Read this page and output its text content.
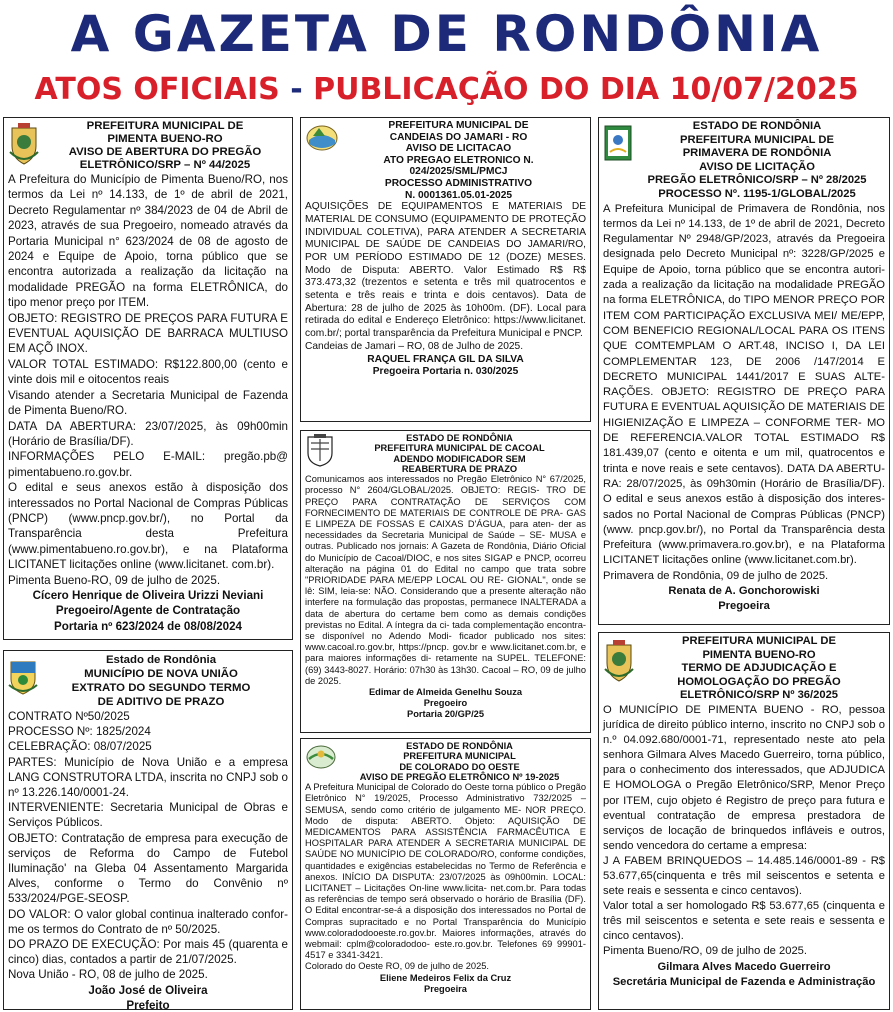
A GAZETA DE RONDÔNIA
ATOS OFICIAIS - PUBLICAÇÃO DO DIA 10/07/2025
PREFEITURA MUNICIPAL DE
PIMENTA BUENO-RO
AVISO DE ABERTURA DO PREGÃO
ELETRÔNICO/SRP – Nº 44/2025

A Prefeitura do Município de Pimenta Bueno/RO, nos termos da Lei nº 14.133, de 1º de abril de 2021, Decreto Regulamentar nº 384/2023 de 04 de Abril de 2023, através de sua Pregoeiro, nomeado através da Portaria Municipal n° 623/2024 de 08 de agosto de 2024 e Equipe de Apoio, torna público que se encontra autorizada a realização da licitação na modalidade PREGÃO na forma ELETRÔNICA, do tipo menor preço por ITEM.

OBJETO: REGISTRO DE PREÇOS PARA FUTURA E EVENTUAL AQUISIÇÃO DE BARRACA MULTIUSO EM AÇÕ INOX.

VALOR TOTAL ESTIMADO: R$122.800,00 (cento e vinte dois mil e oitocentos reais

Visando atender a Secretaria Municipal de Fazenda de Pimenta Bueno/RO.

DATA DA ABERTURA: 23/07/2025, às 09h00min (Horário de Brasília/DF).

INFORMAÇÕES PELO E-MAIL: pregão.pb@ pimentabueno.ro.gov.br.

O edital e seus anexos estão à disposição dos interessados no Portal Nacional de Compras Públicas (PNCP) (www.pncp.gov.br/), no Portal da Transparência desta Prefeitura (www.pimentabueno.ro.gov.br), e na Plataforma LICITANET licitações online (www.licitanet. com.br).

Pimenta Bueno-RO, 09 de julho de 2025.

Cícero Henrique de Oliveira Urizzi Neviani
Pregoeiro/Agente de Contratação
Portaria nº 623/2024 de 08/08/2024
Estado de Rondônia
MUNICÍPIO DE NOVA UNIÃO
EXTRATO DO SEGUNDO TERMO
DE ADITIVO DE PRAZO

CONTRATO Nº50/2025

PROCESSO Nº: 1825/2024

CELEBRAÇÃO: 08/07/2025

PARTES: Município de Nova União e a empresa LANG CONSTRUTORA LTDA, inscrita no CNPJ sob o nº 13.226.140/0001-24.

INTERVENIENTE: Secretaria Municipal de Obras e Serviços Públicos.

OBJETO: Contratação de empresa para execução de serviços de Reforma do Campo de Futebol Iluminação' na Gleba 04 Assentamento Margarida Alves, conforme o Termo do Convênio nº 533/2024/PGE-SEOSP.

DO VALOR: O valor global continua inalterado confor- me os termos do Contrato de nº 50/2025.

DO PRAZO DE EXECUÇÃO: Por mais 45 (quarenta e cinco) dias, contados a partir de 21/07/2025.

Nova União - RO, 08 de julho de 2025.

João José de Oliveira
Prefeito
PREFEITURA MUNICIPAL DE
CANDEIAS DO JAMARI - RO
AVISO DE LICITACAO
ATO PREGAO ELETRONICO N.
024/2025/SML/PMCJ
PROCESSO ADMINISTRATIVO
N. 0001361.05.01-2025

AQUISIÇÕES DE EQUIPAMENTOS E MATERIAIS DE MATERIAL DE CONSUMO (EQUIPAMENTO DE PROTEÇÃO INDIVIDUAL COLETIVA), PARA ATENDER A SECRETARIA MUNICIPAL DE SAÚDE DE CANDEIAS DO JAMARI/RO, POR UM PERÍODO ESTIMADO DE 12 (DOZE) MESES. Modo de Disputa: ABERTO. Valor Estimado R$ R$ 373.473,32 (trezentos e setenta e três mil quatrocentos e setenta e três reais e trinta e dois centavos). Data de Abertura: 28 de julho de 2025 às 10h00m. (DF). Local para retirada do edital e Endereço Eletrônico: https://www.licitanet. com.br/; portal transparência da Prefeitura Municipal e PNCP.

Candeias de Jamari – RO, 08 de Julho de 2025.

RAQUEL FRANÇA GIL DA SILVA
Pregoeira Portaria n. 030/2025
ESTADO DE RONDÔNIA
PREFEITURA MUNICIPAL DE CACOAL
ADENDO MODIFICADOR SEM
REABERTURA DE PRAZO

Comunicamos aos interessados no Pregão Eletrônico N° 67/2025, processo N° 2604/GLOBAL/2025. OBJETO: REGIS- TRO DE PREÇO PARA CONTRATAÇÃO DE SERVIÇOS COM FORNECIMENTO DE MATERIAIS DE CONTROLE DE PRA- GAS E LIMPEZA DE FOSSAS E CAIXAS D'ÁGUA, para aten- der as necessidades da Secretaria Municipal de Saúde – SE- MUSA e outras. Publicado nos jornais: A Gazeta de Rondônia, Diário Oficial do Município de Cacoal/DIOC, e nos sites SIGAP e PNCP, ocorreu alteração na página 01 do Edital no campo que trata sobre "PRIORIDADE PARA ME/EPP LOCAL OU RE- GIONAL", onde se lê: SIM, leia-se: NÃO. Considerando que a presente alteração não interfere na formulação das propostas, permanece INALTERADA a data de abertura do certame bem como as demais condições previstas no Edital. A íntegra da ci- tada complementação encontra-se disponível no Adendo Modi- ficador publicado nos sites: www.cacoal.ro.gov.br, https://pncp. gov.br e www.licitanet.com.br, e para maiores informações di- retamente na SUPEL. TELEFONE: (69) 3443-8027. Horário: 07h30 às 13h30. Cacoal – RO, 09 de julho de 2025.

Edimar de Almeida Genelhu Souza
Pregoeiro
Portaria 20/GP/25
ESTADO DE RONDÔNIA
PREFEITURA MUNICIPAL
DE COLORADO DO OESTE
AVISO DE PREGÃO ELETRÔNICO Nº 19-2025

A Prefeitura Municipal de Colorado do Oeste torna público o Pregão Eletrônico N° 19/2025, Processo Administrativo 732/2025 – SEMUSA, sendo como critério de julgamento ME- NOR PREÇO. Modo de disputa: ABERTO. Objeto: AQUISIÇÃO DE MEDICAMENTOS PARA ASSISTÊNCIA FARMACÊUTICA E HOSPITALAR PARA ATENDER A SECRETARIA MUNICIPAL DE SAÚDE NO MUNICÍPIO DE COLORADO/RO, conforme condições, quantidades e exigências estabelecidas no Termo de Referência e anexos. INÍCIO DA DISPUTA: 23/07/2025 às 09h00min. LOCAL: LICITANET – Licitações On-line www.licita- net.com.br. Para todas as referências de tempo será observado o horário de Brasília (DF). O Edital encontrar-se-á a disposição dos interessados no Portal de Compras supracitado e no Portal Transparência do Município www.coloradodooeste.ro.gov.br. Maiores informações, através do webmail: cplm@coloradodoo- este.ro.gov.br. Telefones 69 99901-4517 e 3341-3421.

Colorado do Oeste RO, 09 de julho de 2025.

Eliene Medeiros Felix da Cruz
Pregoeira
ESTADO DE RONDÔNIA
PREFEITURA MUNICIPAL DE
PRIMAVERA DE RONDÔNIA
AVISO DE LICITAÇÃO
PREGÃO ELETRÔNICO/SRP – Nº 28/2025
PROCESSO Nº. 1195-1/GLOBAL/2025

A Prefeitura Municipal de Primavera de Rondônia, nos termos da Lei nº 14.133, de 1º de abril de 2021, Decreto Regulamentar Nº 2948/GP/2023, através da Pregoeira designada pelo Decreto Municipal nº: 3228/GP/2025 e Equipe de Apoio, torna público que se encontra autori- zada a realização da licitação na modalidade PREGÃO na forma ELETRÔNICA, do TIPO MENOR PREÇO POR ITEM COM PARTICIPAÇÃO EXCLUSIVA MEI/ ME/EPP, COM BENEFICIO REGIONAL/LOCAL PARA OS ITENS QUE COMTEMPLAM O ART.48, INCISO I, DA LEI COMPLEMENTAR 123, DE 2006 /147/2014 E DECRETO MUNICIPAL 1441/2017 E SUAS ALTE- RAÇÕES. OBJETO: REGISTRO DE PREÇO PARA FUTURA E EVENTUAL AQUISIÇÃO DE MATERIAIS DE HIGIENIZAÇÃO E LIMPEZA – CONFORME TER- MO DE REFERENCIA.VALOR TOTAL ESTIMADO R$ 181.439,07 (cento e oitenta e um mil, quatrocentos e trinta e nove reais e sete centavos). DATA DA ABERTU- RA: 28/07/2025, às 09h30min (Horário de Brasília/DF). O edital e seus anexos estão à disposição dos interes- sados no Portal Nacional de Compras Públicas (PNCP) (www. pncp.gov.br/), no Portal da Transparência desta Prefeitura (www.primavera.ro.gov.br), e na Plataforma LICITANET licitações online (www.licitanet.com.br).

Primavera de Rondônia, 09 de julho de 2025.

Renata de A. Gonchorowiski
Pregoeira
PREFEITURA MUNICIPAL DE
PIMENTA BUENO-RO
TERMO DE ADJUDICAÇÃO E
HOMOLOGAÇÃO DO PREGÃO
ELETRÔNICO/SRP Nº 36/2025

O MUNICÍPIO DE PIMENTA BUENO - RO, pessoa jurídica de direito público interno, inscrito no CNPJ sob o n.º 04.092.680/0001-71, representado neste ato pela senhora Gilmara Alves Macedo Guerreiro, torna público, para o conhecimento dos interessados, que ADJUDICA E HOMOLOGA o Pregão Eletrônico/SRP, Menor Preço por ITEM, cujo objeto é Registro de preço para futura e eventual contratação de empresa prestadora de serviços de locação de brinquedos infláveis e outros, sendo vencedora do certame a empresa:

J A FABEM BRINQUEDOS – 14.485.146/0001-89 - R$ 53.677,65(cinquenta e três mil seiscentos e setenta e sete reais e sessenta e cinco centavos).

Valor total a ser homologado R$ 53.677,65 (cinquenta e três mil seiscentos e setenta e sete reais e sessenta e cinco centavos).

Pimenta Bueno/RO, 09 de julho de 2025.

Gilmara Alves Macedo Guerreiro
Secretária Municipal de Fazenda e Administração
